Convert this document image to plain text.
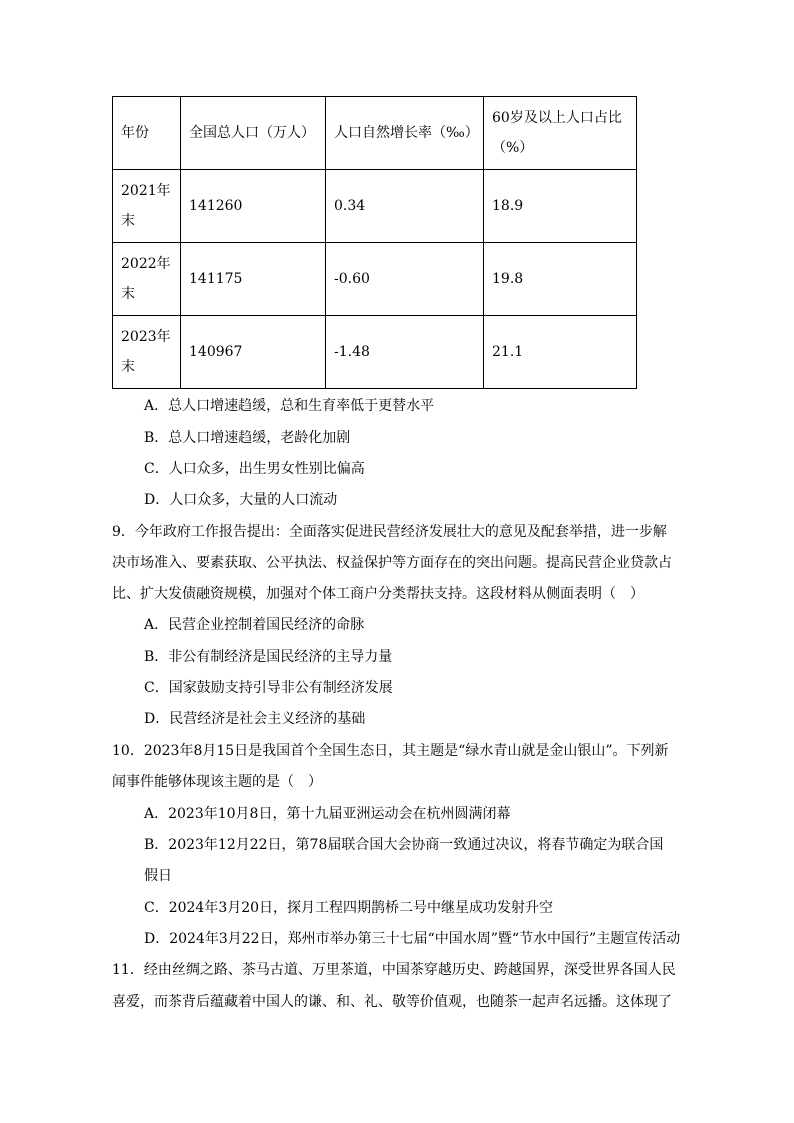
年份	全国总人口（万人）	人口自然增长率（‰）	60岁及以上人口占比（%）
2021年末	141260	0.34	18.9
2022年末	141175	-0.60	19.8
2023年末	140967	-1.48	21.1
A．总人口增速趋缓，总和生育率低于更替水平
B．总人口增速趋缓，老龄化加剧
C．人口众多，出生男女性别比偏高
D．人口众多，大量的人口流动
9．今年政府工作报告提出：全面落实促进民营经济发展壮大的意见及配套举措，进一步解
决市场准入、要素获取、公平执法、权益保护等方面存在的突出问题。提高民营企业贷款占
比、扩大发债融资规模，加强对个体工商户分类帮扶支持。这段材料从侧面表明（　）
A．民营企业控制着国民经济的命脉
B．非公有制经济是国民经济的主导力量
C．国家鼓励支持引导非公有制经济发展
D．民营经济是社会主义经济的基础
10．2023年8月15日是我国首个全国生态日，其主题是“绿水青山就是金山银山”。下列新
闻事件能够体现该主题的是（　）
A．2023年10月8日，第十九届亚洲运动会在杭州圆满闭幕
B．2023年12月22日，第78届联合国大会协商一致通过决议，将春节确定为联合国
假日
C．2024年3月20日，探月工程四期鹊桥二号中继星成功发射升空
D．2024年3月22日，郑州市举办第三十七届“中国水周”暨“节水中国行”主题宣传活动
11．经由丝绸之路、茶马古道、万里茶道，中国茶穿越历史、跨越国界，深受世界各国人民
喜爱，而茶背后蕴藏着中国人的谦、和、礼、敬等价值观，也随茶一起声名远播。这体现了
